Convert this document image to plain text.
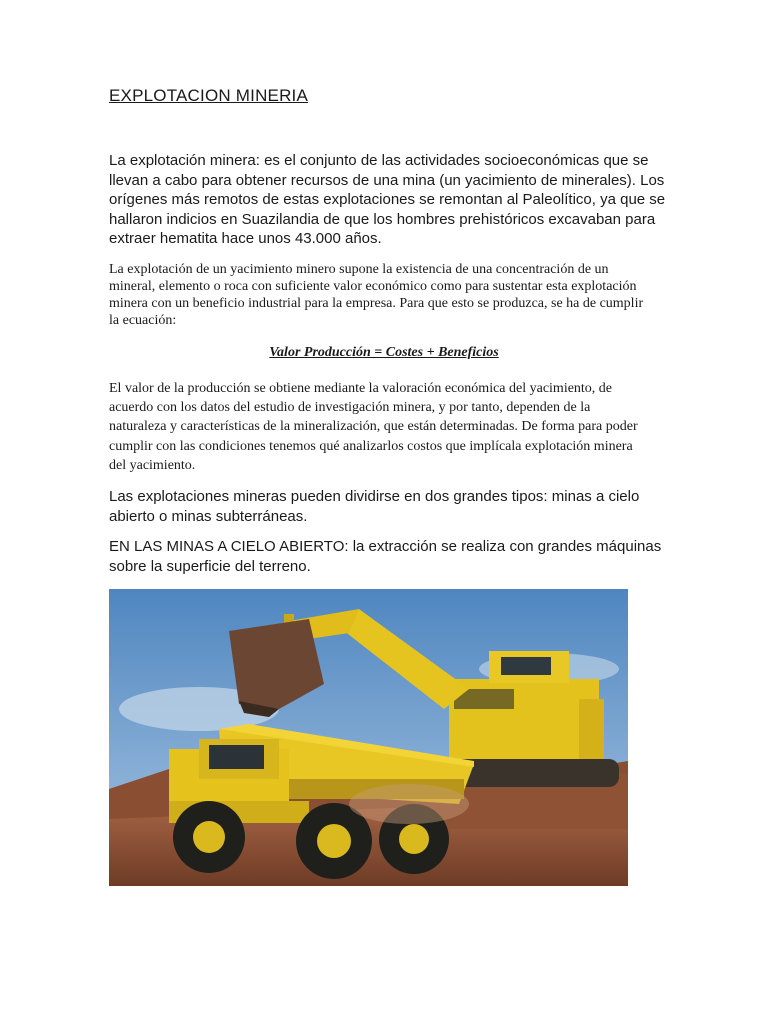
EXPLOTACION MINERIA
La explotación minera: es el conjunto de las actividades socioeconómicas que se llevan a cabo para obtener recursos de una mina (un yacimiento de minerales). Los orígenes más remotos de estas explotaciones se remontan al Paleolítico, ya que se hallaron indicios en Suazilandia de que los hombres prehistóricos excavaban para extraer hematita hace unos 43.000 años.
La explotación de un yacimiento minero supone la existencia de una concentración de un mineral, elemento o roca con suficiente valor económico como para sustentar esta explotación minera con un beneficio industrial para la empresa. Para que esto se produzca, se ha de cumplir la ecuación:
Valor Producción = Costes + Beneficios
El valor de la producción se obtiene mediante la valoración económica del yacimiento, de acuerdo con los datos del estudio de investigación minera, y por tanto, dependen de la naturaleza y características de la mineralización, que están determinadas. De forma para poder cumplir con las condiciones tenemos qué analizarlos costos que implícala explotación minera del yacimiento.
Las explotaciones mineras pueden dividirse en dos grandes tipos: minas a cielo abierto o minas subterráneas.
EN LAS MINAS A CIELO ABIERTO: la extracción se realiza con grandes máquinas sobre la superficie del terreno.
